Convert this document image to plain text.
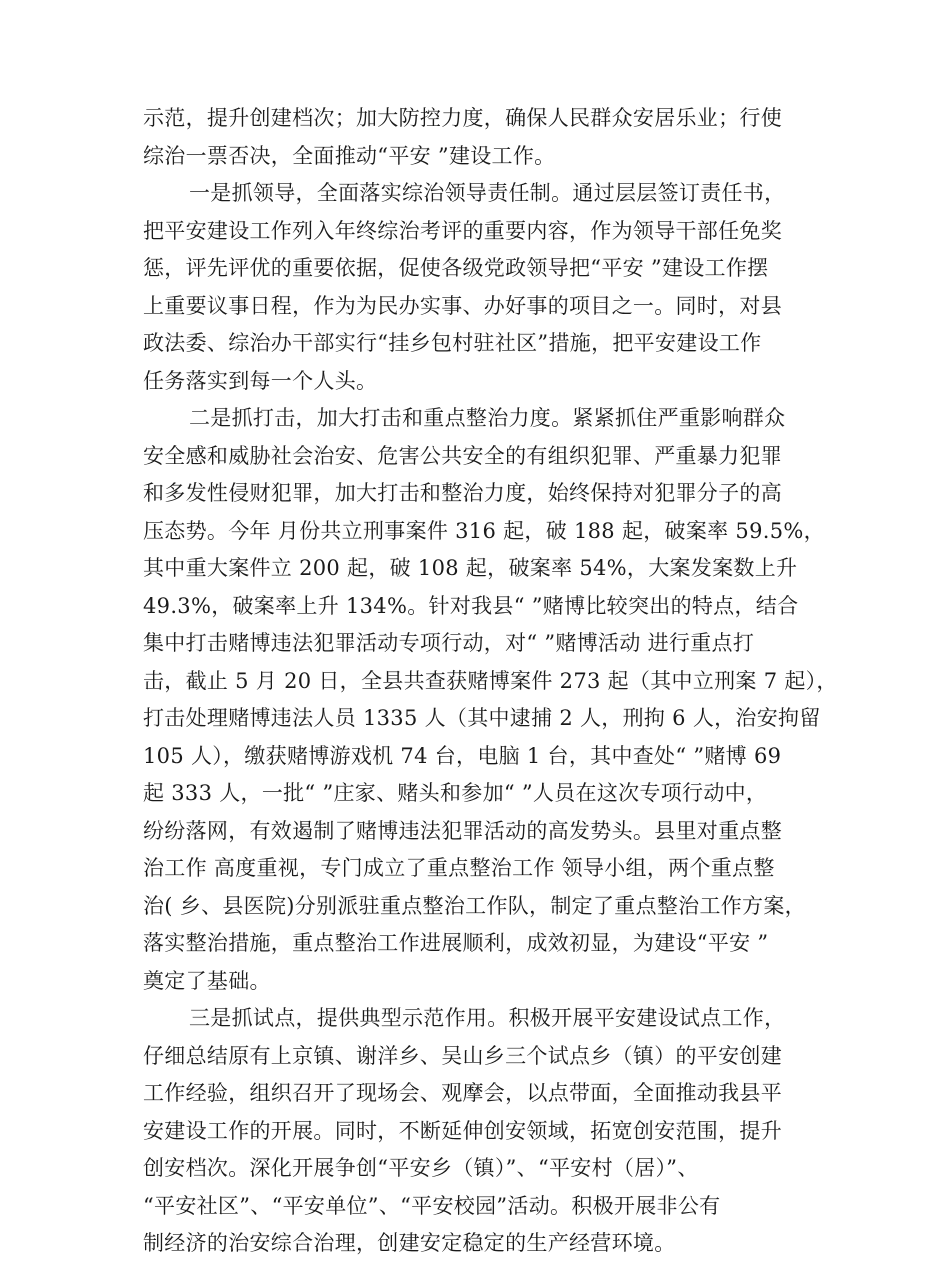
示范，提升创建档次；加大防控力度，确保人民群众安居乐业；行使
综治一票否决，全面推动“平安 ”建设工作。
一是抓领导，全面落实综治领导责任制。通过层层签订责任书，
把平安建设工作列入年终综治考评的重要内容，作为领导干部任免奖
惩，评先评优的重要依据，促使各级党政领导把“平安 ”建设工作摆
上重要议事日程，作为为民办实事、办好事的项目之一。同时，对县
政法委、综治办干部实行“挂乡包村驻社区”措施，把平安建设工作
任务落实到每一个人头。
二是抓打击，加大打击和重点整治力度。紧紧抓住严重影响群众
安全感和威胁社会治安、危害公共安全的有组织犯罪、严重暴力犯罪
和多发性侵财犯罪，加大打击和整治力度，始终保持对犯罪分子的高
压态势。今年 月份共立刑事案件 316 起，破 188 起，破案率 59.5%，
其中重大案件立 200 起，破 108 起，破案率 54%，大案发案数上升
49.3%，破案率上升 134%。针对我县“ ”赌博比较突出的特点，结合
集中打击赌博违法犯罪活动专项行动，对“ ”赌博活动 进行重点打
击，截止 5 月 20 日，全县共查获赌博案件 273 起（其中立刑案 7 起），
打击处理赌博违法人员 1335 人（其中逮捕 2 人，刑拘 6 人，治安拘留
105 人），缴获赌博游戏机 74 台，电脑 1 台，其中查处“ ”赌博 69
起 333 人，一批“ ”庄家、赌头和参加“ ”人员在这次专项行动中，
纷纷落网，有效遏制了赌博违法犯罪活动的高发势头。县里对重点整
治工作 高度重视，专门成立了重点整治工作 领导小组，两个重点整
治( 乡、县医院)分别派驻重点整治工作队，制定了重点整治工作方案，
落实整治措施，重点整治工作进展顺利，成效初显，为建设“平安 ”
奠定了基础。
三是抓试点，提供典型示范作用。积极开展平安建设试点工作，
仔细总结原有上京镇、谢洋乡、吴山乡三个试点乡（镇）的平安创建
工作经验，组织召开了现场会、观摩会，以点带面，全面推动我县平
安建设工作的开展。同时，不断延伸创安领域，拓宽创安范围，提升
创安档次。深化开展争创“平安乡（镇）”、“平安村（居）”、
“平安社区”、“平安单位”、“平安校园”活动。积极开展非公有
制经济的治安综合治理，创建安定稳定的生产经营环境。
